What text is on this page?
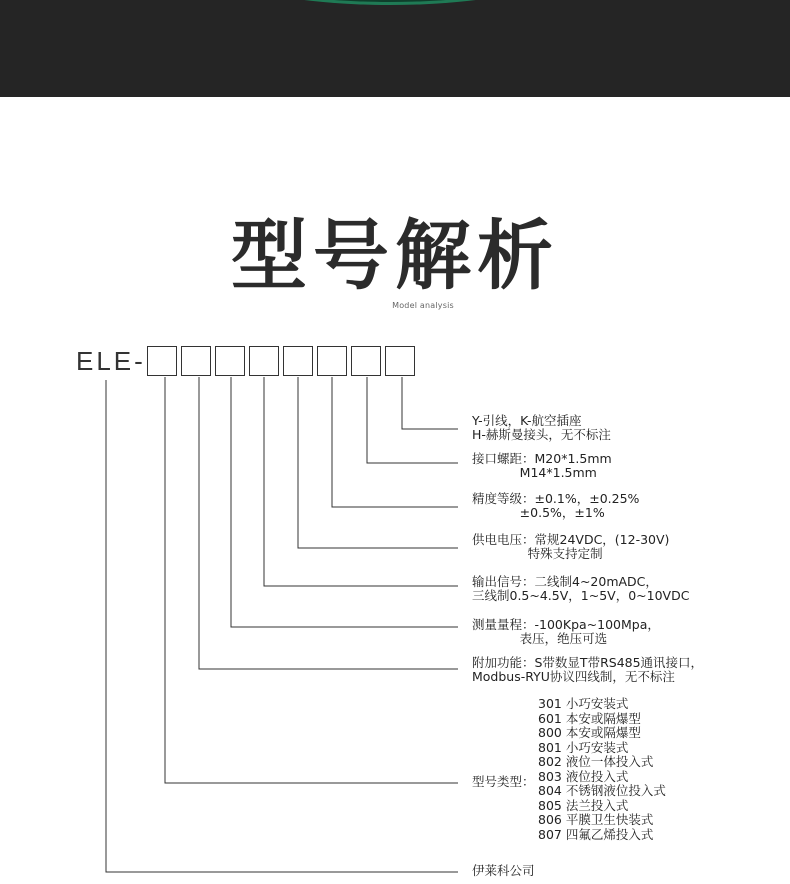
型号解析
Model analysis
ELE-
Y-引线，K-航空插座
H-赫斯曼接头，无不标注
接口螺距：M20*1.5mm
M14*1.5mm
精度等级：±0.1%，±0.25%
±0.5%，±1%
供电电压：常规24VDC，(12-30V)
特殊支持定制
输出信号：二线制4~20mADC，
三线制0.5~4.5V，1~5V，0~10VDC
测量量程：-100Kpa~100Mpa，
表压，绝压可选
附加功能：S带数显T带RS485通讯接口，
Modbus-RYU协议四线制，无不标注
型号类型：
301 小巧安装式
601 本安或隔爆型
800 本安或隔爆型
801 小巧安装式
802 液位一体投入式
803 液位投入式
804 不锈钢液位投入式
805 法兰投入式
806 平膜卫生快装式
807 四氟乙烯投入式
伊莱科公司
